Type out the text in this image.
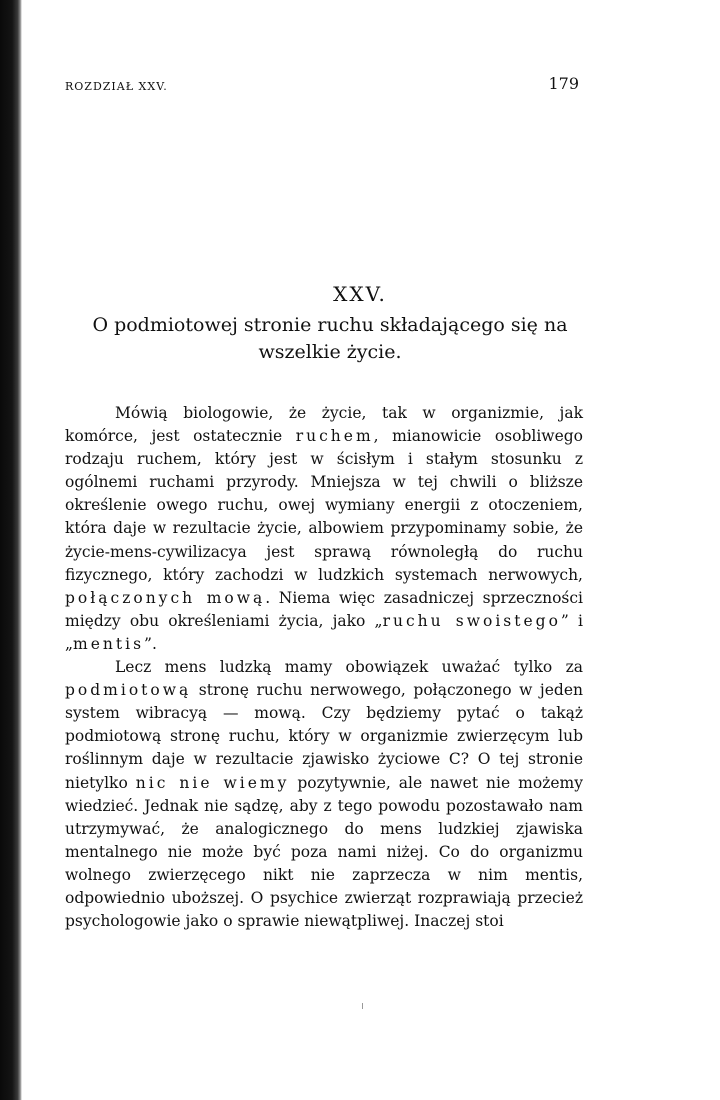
ROZDZIAŁ XXV.	179
XXV.
O podmiotowej stronie ruchu składającego się na wszelkie życie.

Mówią biologowie, że życie, tak w organizmie, jak komórce, jest ostatecznie ruchem, mianowicie osobliwego rodzaju ruchem, który jest w ścisłym i stałym stosunku z ogólnemi ruchami przyrody. Mniejsza w tej chwili o bliższe określenie owego ruchu, owej wymiany energii z otoczeniem, która daje w rezultacie życie, albowiem przypominamy sobie, że życie-mens-cywilizacya jest sprawą równoległą do ruchu fizycznego, który zachodzi w ludzkich systemach nerwowych, połączonych mową. Niema więc zasadniczej sprzeczności między obu określeniami życia, jako „ruchu swoistego” i „mentis”.

Lecz mens ludzką mamy obowiązek uważać tylko za podmiotową stronę ruchu nerwowego, połączonego w jeden system wibracyą — mową. Czy będziemy pytać o takąż podmiotową stronę ruchu, który w organizmie zwierzęcym lub roślinnym daje w rezultacie zjawisko życiowe C? O tej stronie nietylko nic nie wiemy pozytywnie, ale nawet nie możemy wiedzieć. Jednak nie sądzę, aby z tego powodu pozostawało nam utrzymywać, że analogicznego do mens ludzkiej zjawiska mentalnego nie może być poza nami niżej. Co do organizmu wolnego zwierzęcego nikt nie zaprzecza w nim mentis, odpowiednio uboższej. O psychice zwierząt rozprawiają przecież psychologowie jako o sprawie niewątpliwej. Inaczej stoi
